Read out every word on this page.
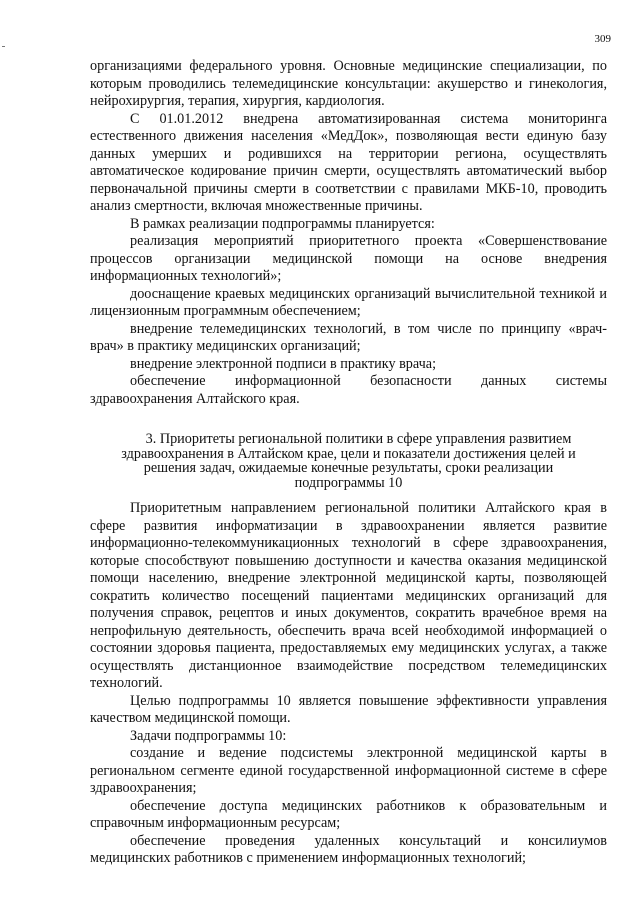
309

организациями федерального уровня. Основные медицинские специализации, по которым проводились телемедицинские консультации: акушерство и гинекология, нейрохирургия, терапия, хирургия, кардиология.

С 01.01.2012 внедрена автоматизированная система мониторинга естественного движения населения «МедДок», позволяющая вести единую базу данных умерших и родившихся на территории региона, осуществлять автоматическое кодирование причин смерти, осуществлять автоматический выбор первоначальной причины смерти в соответствии с правилами МКБ-10, проводить анализ смертности, включая множественные причины.

В рамках реализации подпрограммы планируется:

реализация мероприятий приоритетного проекта «Совершенствование процессов организации медицинской помощи на основе внедрения информационных технологий»;

дооснащение краевых медицинских организаций вычислительной техникой и лицензионным программным обеспечением;

внедрение телемедицинских технологий, в том числе по принципу «врач-врач» в практику медицинских организаций;

внедрение электронной подписи в практику врача;

обеспечение информационной безопасности данных системы здравоохранения Алтайского края.

3. Приоритеты региональной политики в сфере управления развитием
здравоохранения в Алтайском крае, цели и показатели достижения целей и
решения задач, ожидаемые конечные результаты, сроки реализации
подпрограммы 10

Приоритетным направлением региональной политики Алтайского края в сфере развития информатизации в здравоохранении является развитие информационно-телекоммуникационных технологий в сфере здравоохранения, которые способствуют повышению доступности и качества оказания медицинской помощи населению, внедрение электронной медицинской карты, позволяющей сократить количество посещений пациентами медицинских организаций для получения справок, рецептов и иных документов, сократить врачебное время на непрофильную деятельность, обеспечить врача всей необходимой информацией о состоянии здоровья пациента, предоставляемых ему медицинских услугах, а также осуществлять дистанционное взаимодействие посредством телемедицинских технологий.

Целью подпрограммы 10 является повышение эффективности управления качеством медицинской помощи.

Задачи подпрограммы 10:

создание и ведение подсистемы электронной медицинской карты в региональном сегменте единой государственной информационной системе в сфере здравоохранения;

обеспечение доступа медицинских работников к образовательным и справочным информационным ресурсам;

обеспечение проведения удаленных консультаций и консилиумов медицинских работников с применением информационных технологий;
